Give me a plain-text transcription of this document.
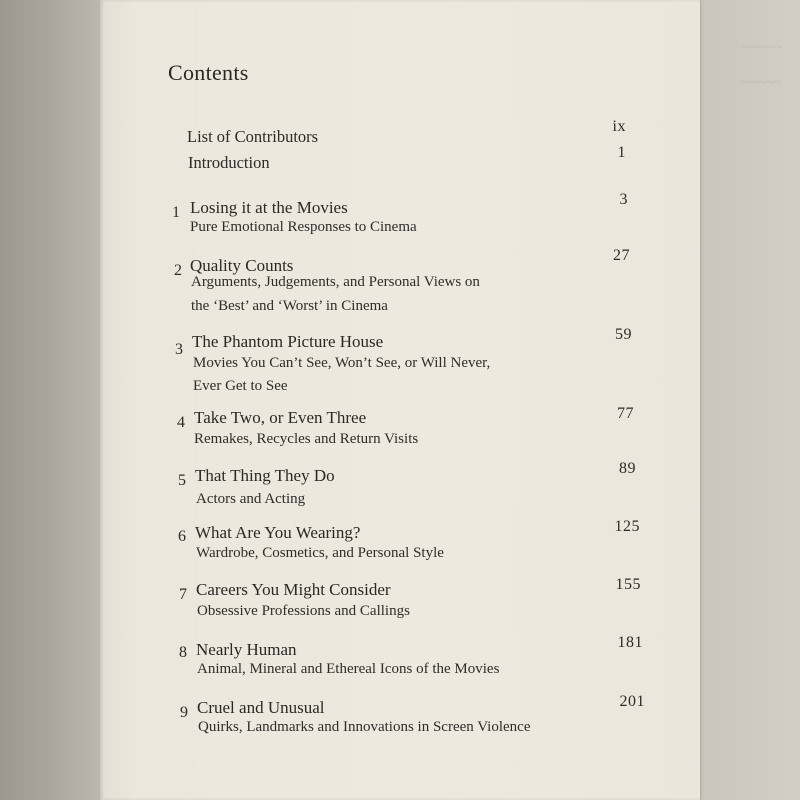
~~~~~
~~~~~
Contents
List of Contributors
ix
Introduction
1
1 Losing it at the Movies
Pure Emotional Responses to Cinema
3
2 Quality Counts
Arguments, Judgements, and Personal Views on
the ‘Best’ and ‘Worst’ in Cinema
27
3 The Phantom Picture House
Movies You Can’t See, Won’t See, or Will Never,
Ever Get to See
59
4 Take Two, or Even Three
Remakes, Recycles and Return Visits
77
5 That Thing They Do
Actors and Acting
89
6 What Are You Wearing?
Wardrobe, Cosmetics, and Personal Style
125
7 Careers You Might Consider
Obsessive Professions and Callings
155
8 Nearly Human
Animal, Mineral and Ethereal Icons of the Movies
181
9 Cruel and Unusual
Quirks, Landmarks and Innovations in Screen Violence
201
